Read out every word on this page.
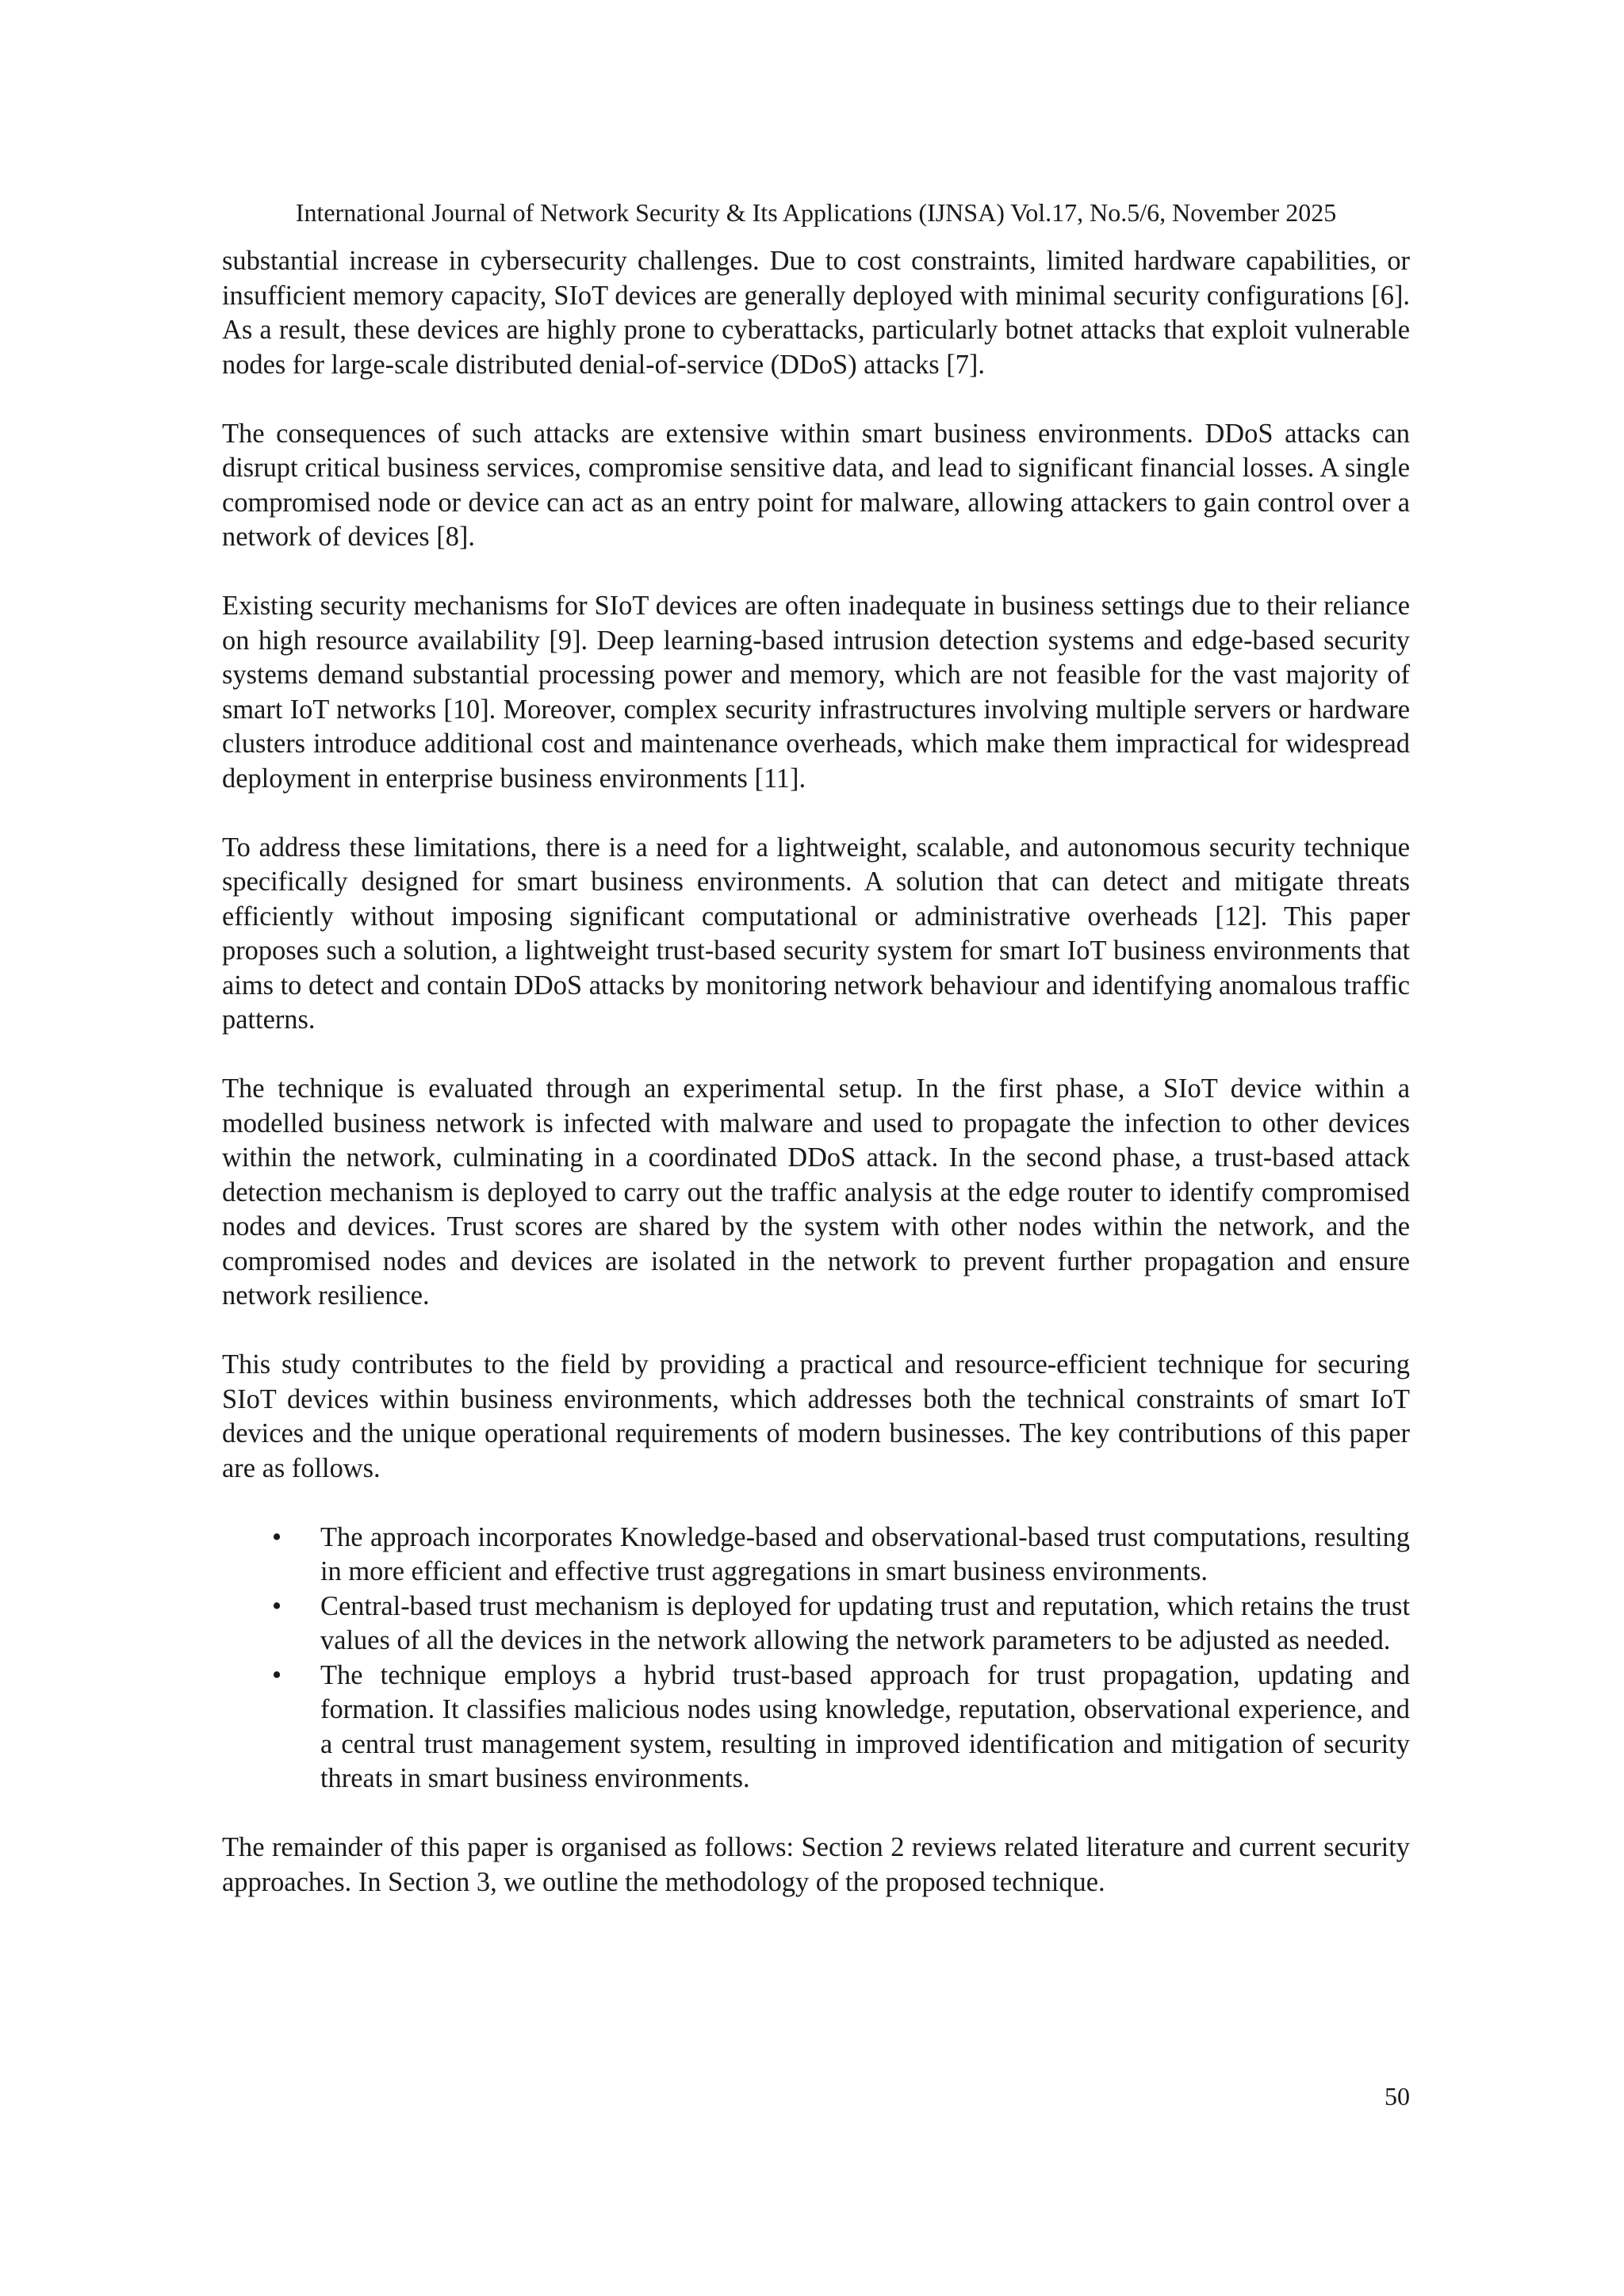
International Journal of Network Security & Its Applications (IJNSA) Vol.17, No.5/6, November 2025

substantial increase in cybersecurity challenges. Due to cost constraints, limited hardware capabilities, or insufficient memory capacity, SIoT devices are generally deployed with minimal security configurations [6]. As a result, these devices are highly prone to cyberattacks, particularly botnet attacks that exploit vulnerable nodes for large-scale distributed denial-of-service (DDoS) attacks [7].

The consequences of such attacks are extensive within smart business environments. DDoS attacks can disrupt critical business services, compromise sensitive data, and lead to significant financial losses. A single compromised node or device can act as an entry point for malware, allowing attackers to gain control over a network of devices [8].

Existing security mechanisms for SIoT devices are often inadequate in business settings due to their reliance on high resource availability [9]. Deep learning-based intrusion detection systems and edge-based security systems demand substantial processing power and memory, which are not feasible for the vast majority of smart IoT networks [10]. Moreover, complex security infrastructures involving multiple servers or hardware clusters introduce additional cost and maintenance overheads, which make them impractical for widespread deployment in enterprise business environments [11].

To address these limitations, there is a need for a lightweight, scalable, and autonomous security technique specifically designed for smart business environments. A solution that can detect and mitigate threats efficiently without imposing significant computational or administrative overheads [12]. This paper proposes such a solution, a lightweight trust-based security system for smart IoT business environments that aims to detect and contain DDoS attacks by monitoring network behaviour and identifying anomalous traffic patterns.

The technique is evaluated through an experimental setup. In the first phase, a SIoT device within a modelled business network is infected with malware and used to propagate the infection to other devices within the network, culminating in a coordinated DDoS attack. In the second phase, a trust-based attack detection mechanism is deployed to carry out the traffic analysis at the edge router to identify compromised nodes and devices. Trust scores are shared by the system with other nodes within the network, and the compromised nodes and devices are isolated in the network to prevent further propagation and ensure network resilience.

This study contributes to the field by providing a practical and resource-efficient technique for securing SIoT devices within business environments, which addresses both the technical constraints of smart IoT devices and the unique operational requirements of modern businesses. The key contributions of this paper are as follows.

• The approach incorporates Knowledge-based and observational-based trust computations, resulting in more efficient and effective trust aggregations in smart business environments.
• Central-based trust mechanism is deployed for updating trust and reputation, which retains the trust values of all the devices in the network allowing the network parameters to be adjusted as needed.
• The technique employs a hybrid trust-based approach for trust propagation, updating and formation. It classifies malicious nodes using knowledge, reputation, observational experience, and a central trust management system, resulting in improved identification and mitigation of security threats in smart business environments.

The remainder of this paper is organised as follows: Section 2 reviews related literature and current security approaches. In Section 3, we outline the methodology of the proposed technique.

50
